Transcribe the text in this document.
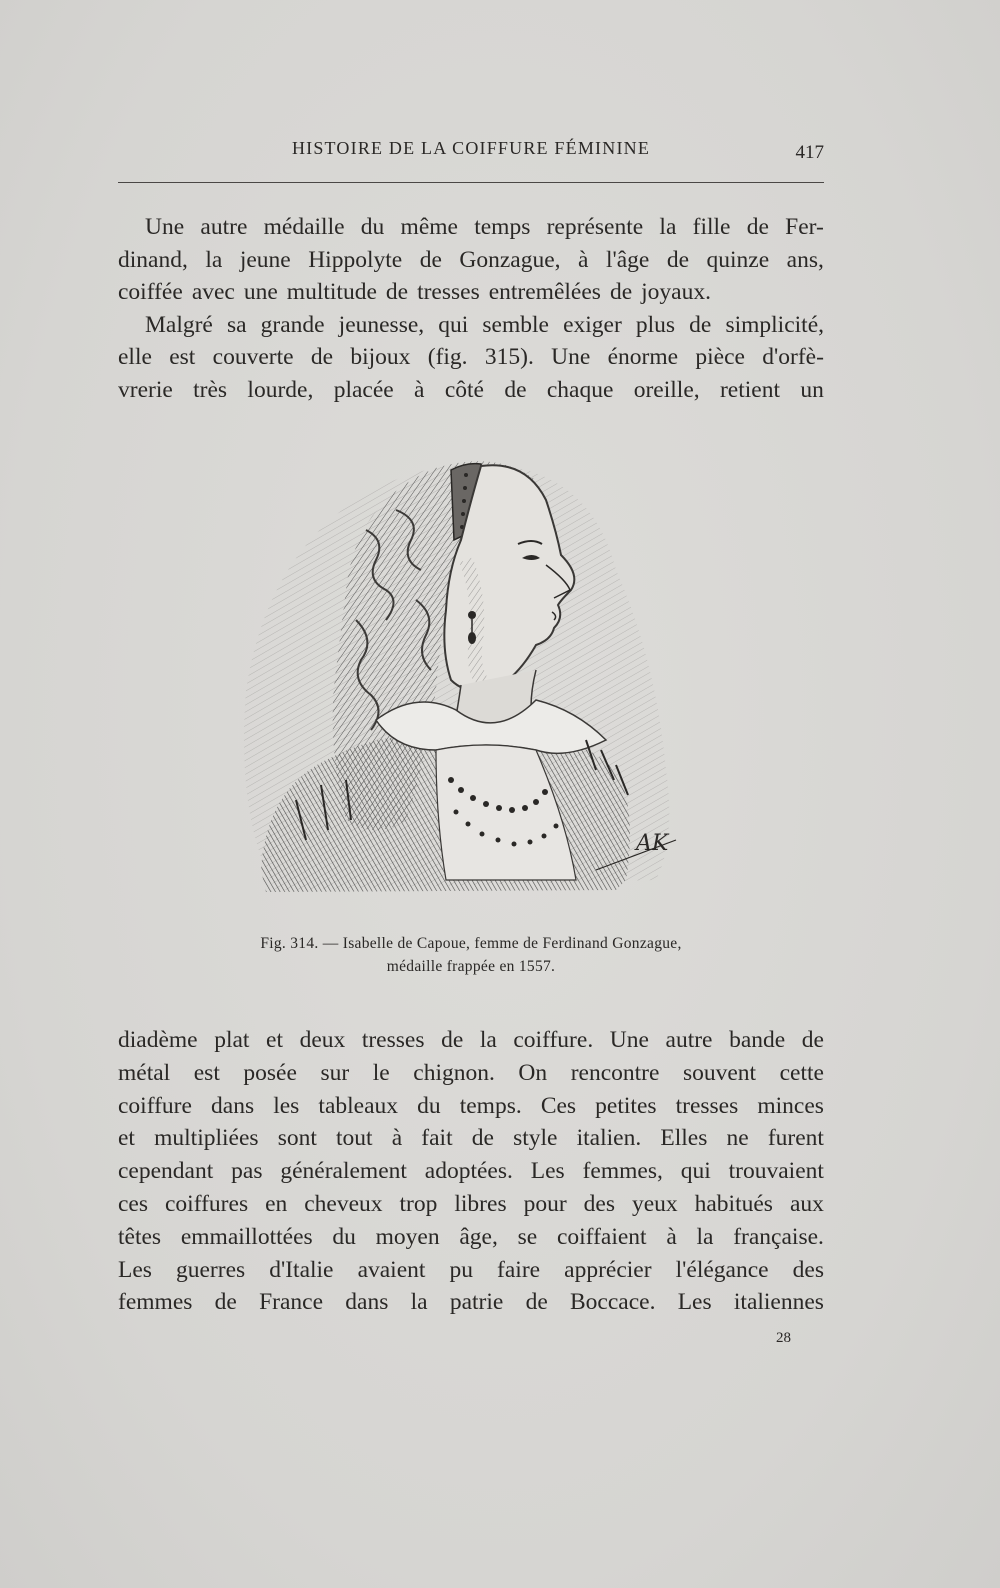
HISTOIRE DE LA COIFFURE FÉMININE	417
Une autre médaille du même temps représente la fille de Fer-
dinand, la jeune Hippolyte de Gonzague, à l'âge de quinze ans,
coiffée avec une multitude de tresses entremêlées de joyaux.
Malgré sa grande jeunesse, qui semble exiger plus de simplicité,
elle est couverte de bijoux (fig. 315). Une énorme pièce d'orfè-
vrerie très lourde, placée à côté de chaque oreille, retient un
AK
Fig. 314. — Isabelle de Capoue, femme de Ferdinand Gonzague,
médaille frappée en 1557.
diadème plat et deux tresses de la coiffure. Une autre bande de
métal est posée sur le chignon. On rencontre souvent cette
coiffure dans les tableaux du temps. Ces petites tresses minces
et multipliées sont tout à fait de style italien. Elles ne furent
cependant pas généralement adoptées. Les femmes, qui trouvaient
ces coiffures en cheveux trop libres pour des yeux habitués aux
têtes emmaillottées du moyen âge, se coiffaient à la française.
Les guerres d'Italie avaient pu faire apprécier l'élégance des
femmes de France dans la patrie de Boccace. Les italiennes
28
